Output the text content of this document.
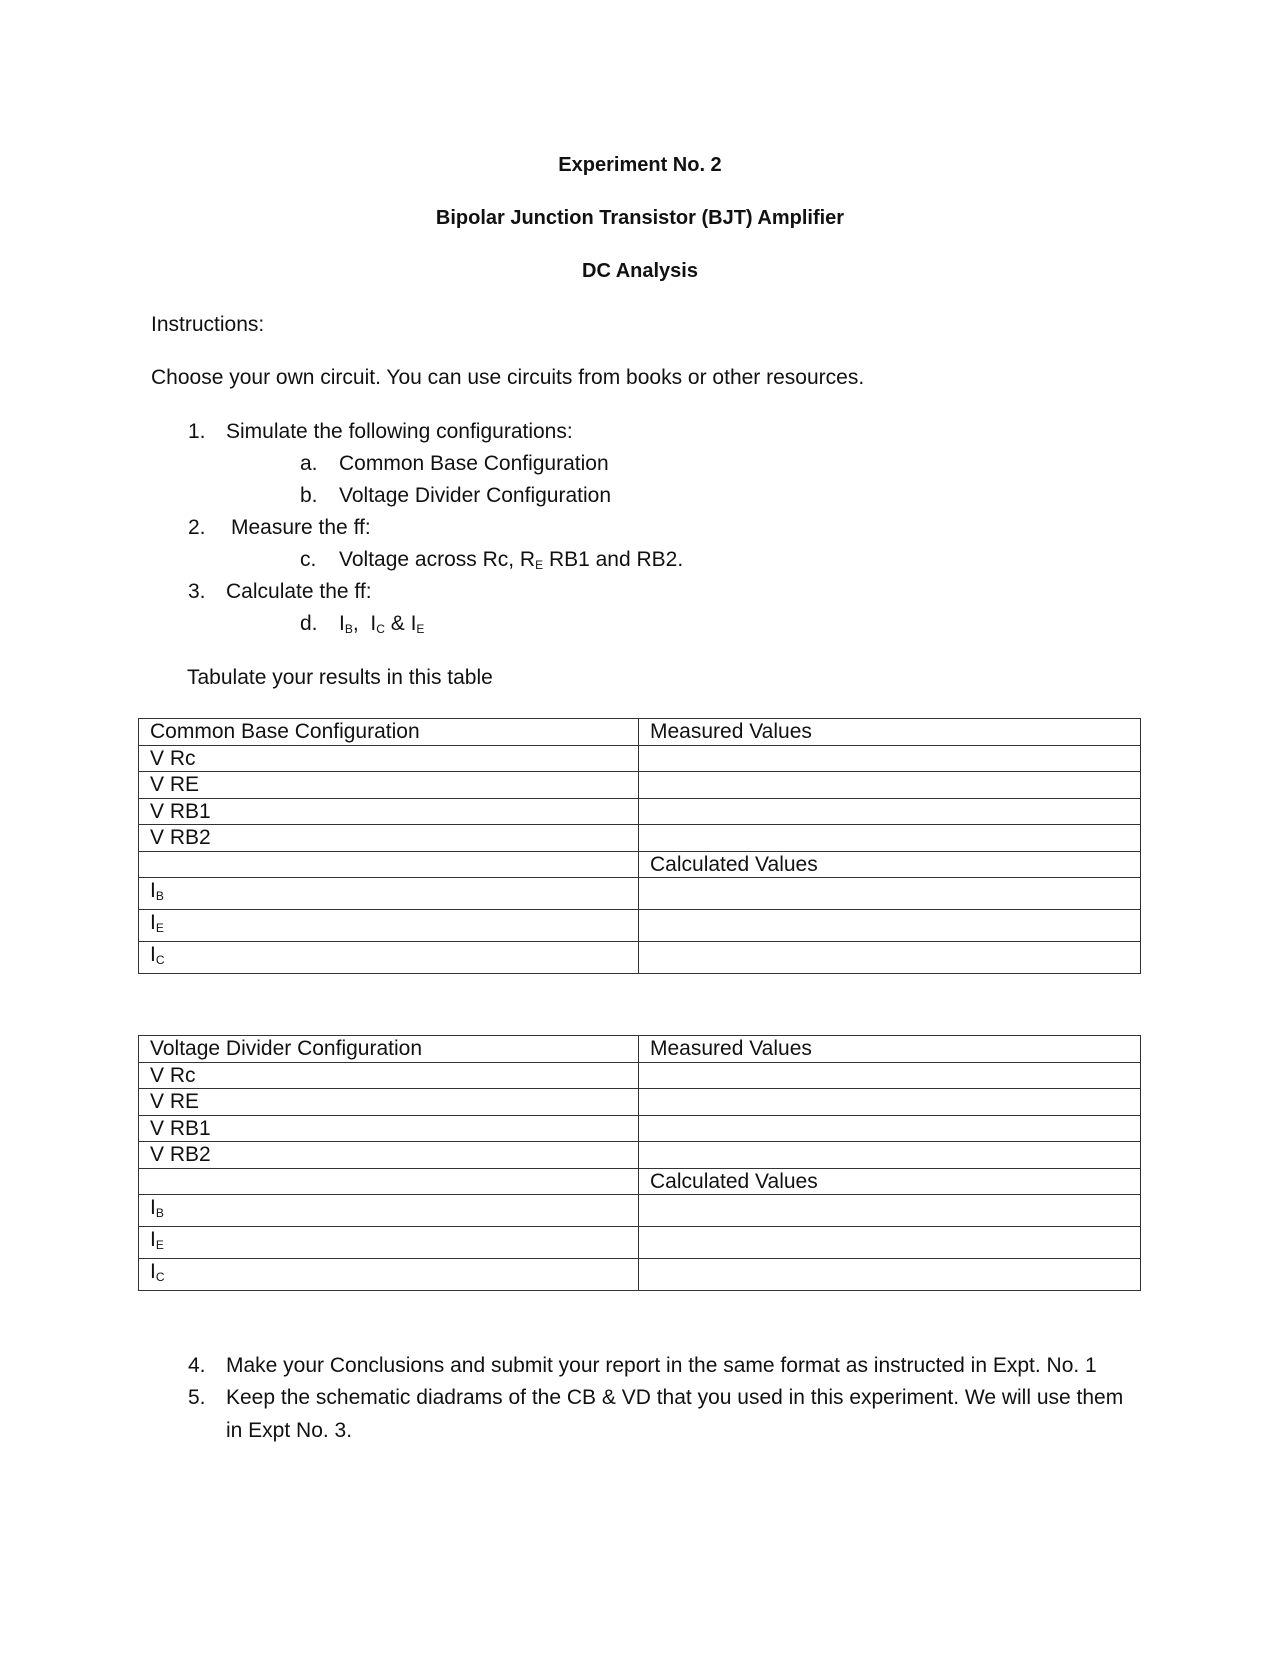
Experiment No. 2
Bipolar Junction Transistor (BJT) Amplifier
DC Analysis
Instructions:
Choose your own circuit. You can use circuits from books or other resources.
1. Simulate the following configurations:
a. Common Base Configuration
b. Voltage Divider Configuration
2. Measure the ff:
c. Voltage across Rc, $R_E$ RB1 and RB2.
3. Calculate the ff:
d. $I_B$, $I_C$ & $I_E$
Tabulate your results in this table
Common Base Configuration	Measured Values
V Rc	
V RE	
V RB1	
V RB2	
	Calculated Values
$I_B$	
$I_E$	
$I_C$	
Voltage Divider Configuration	Measured Values
V Rc	
V RE	
V RB1	
V RB2	
	Calculated Values
$I_B$	
$I_E$	
$I_C$	
4. Make your Conclusions and submit your report in the same format as instructed in Expt. No. 1
5. Keep the schematic diadrams of the CB & VD that you used in this experiment. We will use them
in Expt No. 3.
